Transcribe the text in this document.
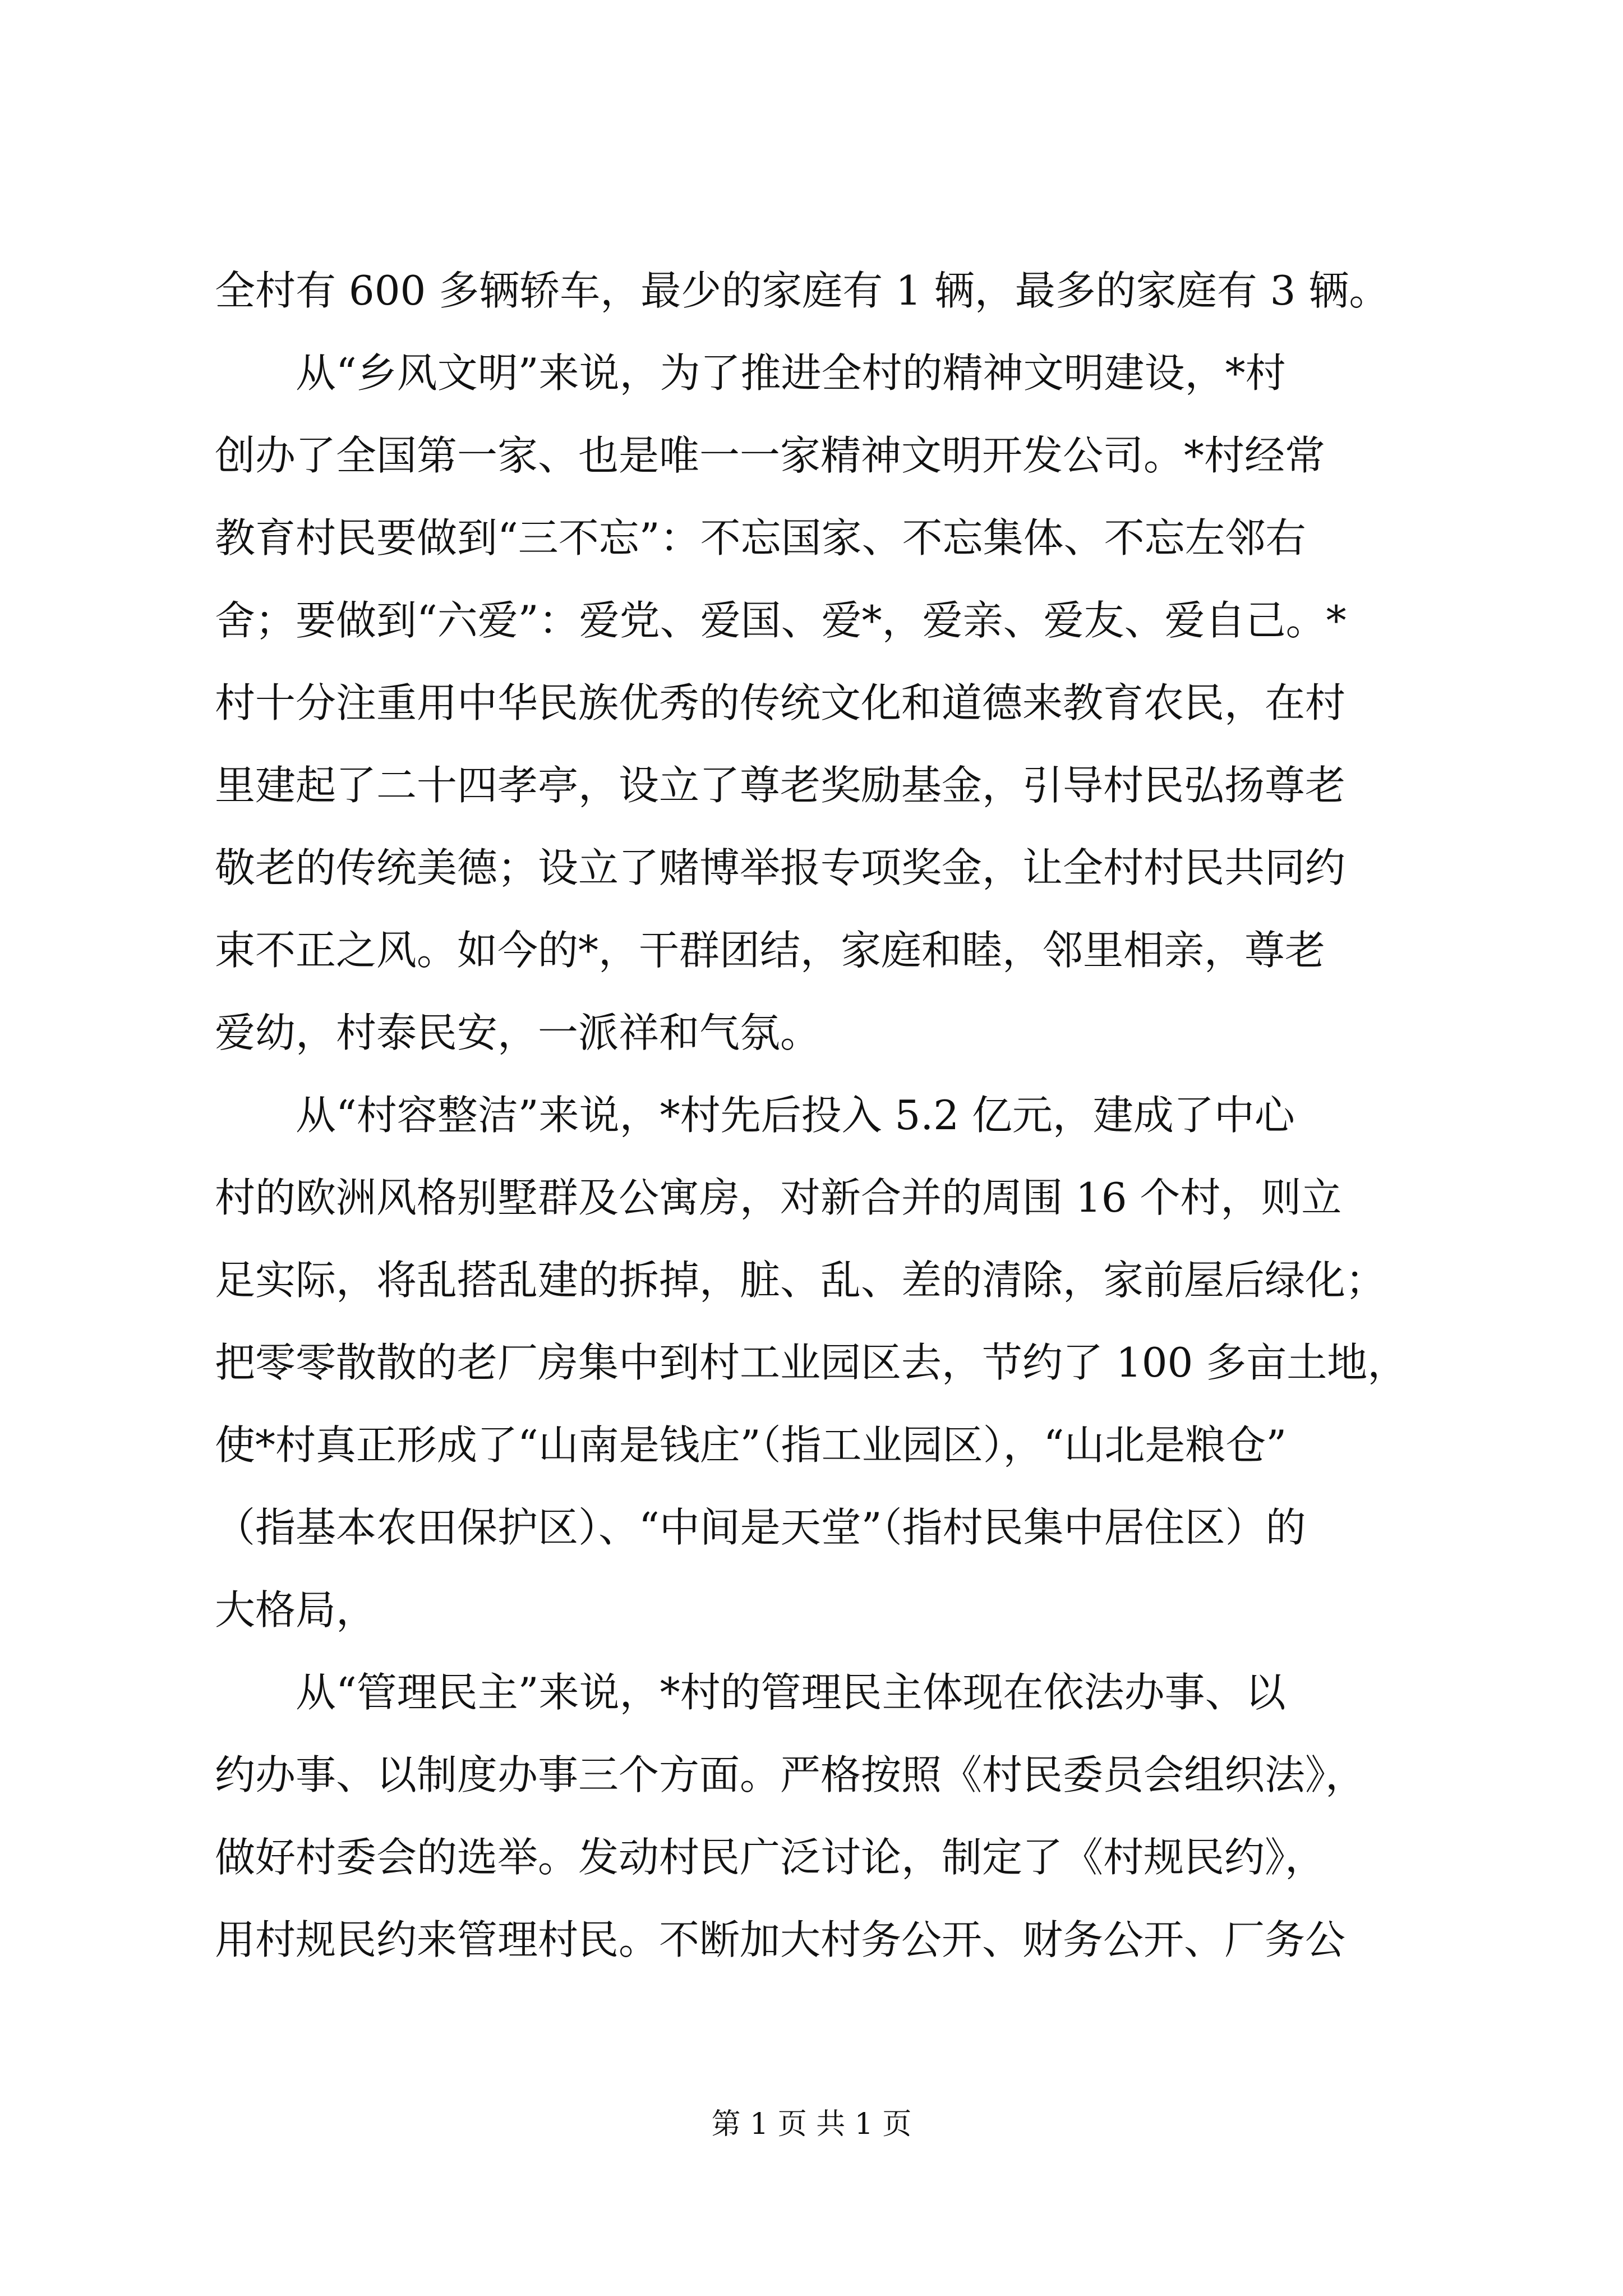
全村有 600 多辆轿车，最少的家庭有 1 辆，最多的家庭有 3 辆。
　　从“乡风文明”来说，为了推进全村的精神文明建设，*村
创办了全国第一家、也是唯一一家精神文明开发公司。*村经常
教育村民要做到“三不忘”：不忘国家、不忘集体、不忘左邻右
舍；要做到“六爱”：爱党、爱国、爱*，爱亲、爱友、爱自己。*
村十分注重用中华民族优秀的传统文化和道德来教育农民，在村
里建起了二十四孝亭，设立了尊老奖励基金，引导村民弘扬尊老
敬老的传统美德；设立了赌博举报专项奖金，让全村村民共同约
束不正之风。如今的*，干群团结，家庭和睦，邻里相亲，尊老
爱幼，村泰民安，一派祥和气氛。
　　从“村容整洁”来说，*村先后投入 5.2 亿元，建成了中心
村的欧洲风格别墅群及公寓房，对新合并的周围 16 个村，则立
足实际，将乱搭乱建的拆掉，脏、乱、差的清除，家前屋后绿化；
把零零散散的老厂房集中到村工业园区去，节约了 100 多亩土地，
使*村真正形成了“山南是钱庄”（指工业园区），“山北是粮仓”
（指基本农田保护区）、“中间是天堂”（指村民集中居住区）的
大格局，
　　从“管理民主”来说，*村的管理民主体现在依法办事、以
约办事、以制度办事三个方面。严格按照《村民委员会组织法》，
做好村委会的选举。发动村民广泛讨论，制定了《村规民约》，
用村规民约来管理村民。不断加大村务公开、财务公开、厂务公
第 1 页 共 1 页
